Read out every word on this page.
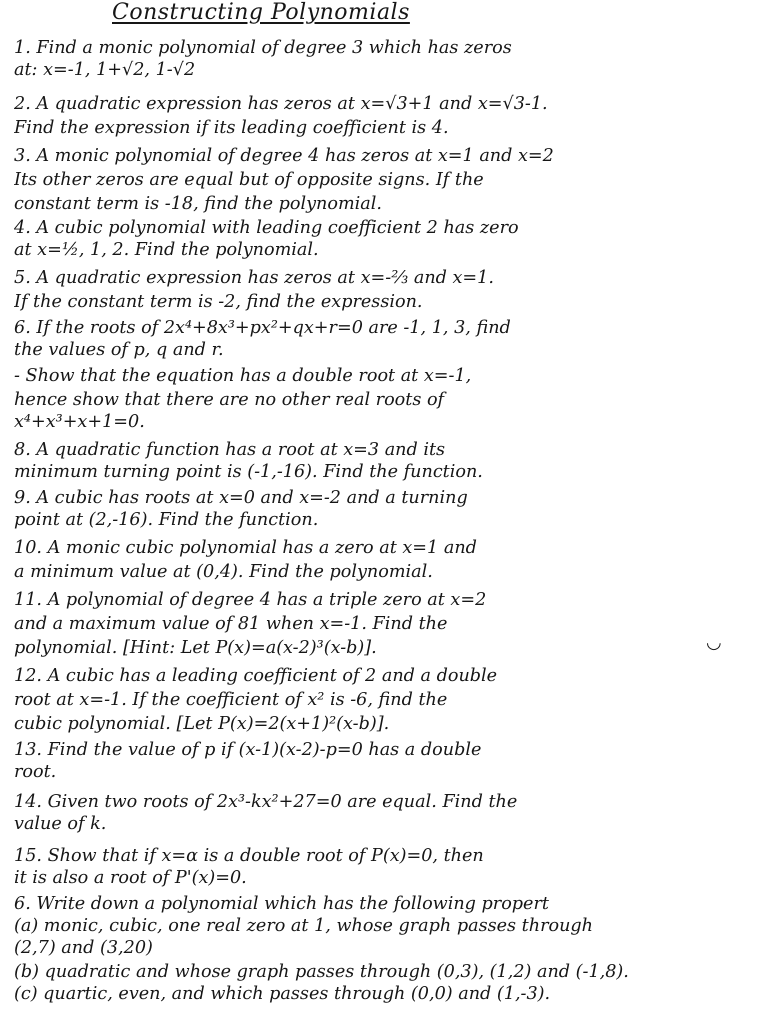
Constructing Polynomials
1. Find a monic polynomial of degree 3 which has zeros
at: x=-1, 1+√2, 1-√2
2. A quadratic expression has zeros at x=√3+1 and x=√3-1.
Find the expression if its leading coefficient is 4.
3. A monic polynomial of degree 4 has zeros at x=1 and x=2
Its other zeros are equal but of opposite signs. If the
constant term is -18, find the polynomial.
4. A cubic polynomial with leading coefficient 2 has zero
at x=½, 1, 2. Find the polynomial.
5. A quadratic expression has zeros at x=-⅔ and x=1.
If the constant term is -2, find the expression.
6. If the roots of 2x⁴+8x³+px²+qx+r=0 are -1, 1, 3, find
the values of p, q and r.
- Show that the equation has a double root at x=-1,
hence show that there are no other real roots of
x⁴+x³+x+1=0.
8. A quadratic function has a root at x=3 and its
minimum turning point is (-1,-16). Find the function.
9. A cubic has roots at x=0 and x=-2 and a turning
point at (2,-16). Find the function.
10. A monic cubic polynomial has a zero at x=1 and
a minimum value at (0,4). Find the polynomial.
11. A polynomial of degree 4 has a triple zero at x=2
and a maximum value of 81 when x=-1. Find the
polynomial. [Hint: Let P(x)=a(x-2)³(x-b)].
12. A cubic has a leading coefficient of 2 and a double
root at x=-1. If the coefficient of x² is -6, find the
cubic polynomial. [Let P(x)=2(x+1)²(x-b)].
13. Find the value of p if (x-1)(x-2)-p=0 has a double
root.
14. Given two roots of 2x³-kx²+27=0 are equal. Find the
value of k.
15. Show that if x=α is a double root of P(x)=0, then
it is also a root of P'(x)=0.
6. Write down a polynomial which has the following propert
(a) monic, cubic, one real zero at 1, whose graph passes through
(2,7) and (3,20)
(b) quadratic and whose graph passes through (0,3), (1,2) and (-1,8).
(c) quartic, even, and which passes through (0,0) and (1,-3).
◡
